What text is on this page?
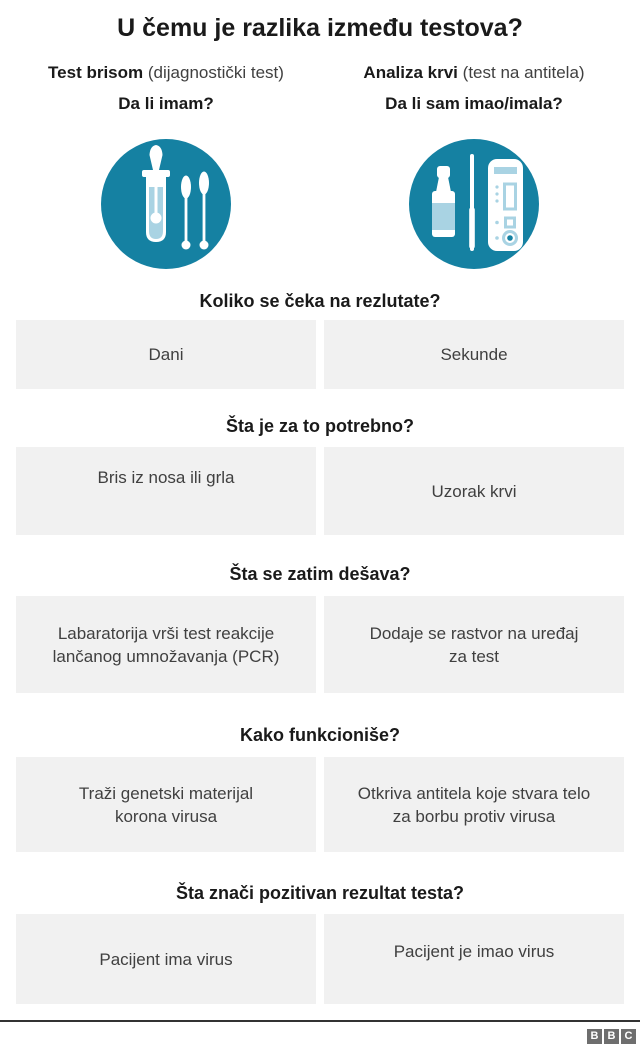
U čemu je razlika između testova?
Test brisom (dijagnostički test)
Da li imam?
Analiza krvi (test na antitela)
Da li sam imao/imala?
Koliko se čeka na rezlutate?
Dani	Sekunde
Šta je za to potrebno?
Bris iz nosa ili grla
Uzorak krvi
Šta se zatim dešava?
Labaratorija vrši test reakcije lančanog umnožavanja (PCR)
Dodaje se rastvor na uređaj za test
Kako funkcioniše?
Traži genetski materijal korona virusa
Otkriva antitela koje stvara telo za borbu protiv virusa
Šta znači pozitivan rezultat testa?
Pacijent ima virus	Pacijent je imao virus
B B C
